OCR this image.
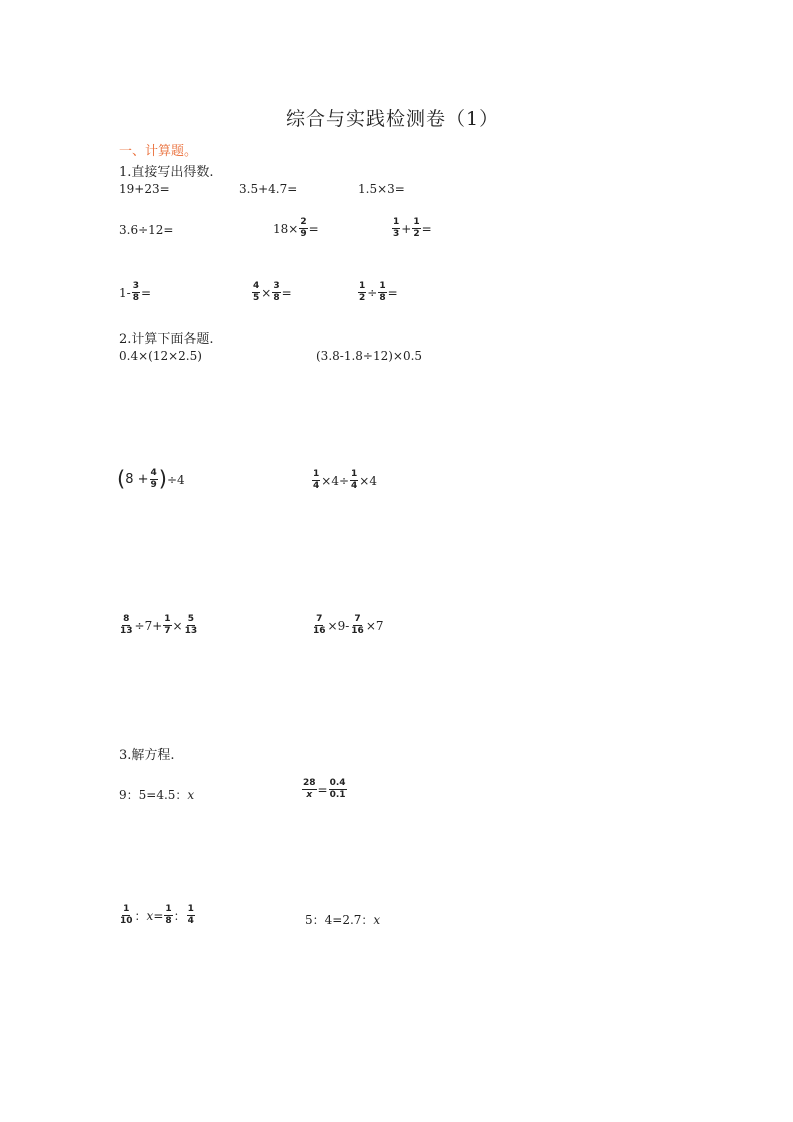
综合与实践检测卷（1）
一、计算题。
1.直接写出得数.
19+23=	3.5+4.7=	1.5×3=
3.6÷12=	$18\times \frac{2}{9}$ =	$\frac{1}{3} + \frac{1}{2}$ =
$1- \frac{3}{8}$ =	$\frac{4}{5} \times \frac{3}{8}$ =	$\frac{1}{2} \div \frac{1}{8}$ =
2.计算下面各题.
0.4×(12×2.5)	(3.8-1.8÷12)×0.5
( $8 + \frac{4}{9}$ ) ÷4	$\frac{1}{4} \times 4\div \frac{1}{4} \times 4$
$\frac{8}{13} \div 7+ \frac{1}{7} \times \frac{5}{13}$	$\frac{7}{16} \times 9- \frac{7}{16} \times 7$
3.解方程.
9：5=4.5： x	$\frac{28}{x} = \frac{0.4}{0.1}$
$\frac{1}{10}$ ： $x = \frac{1}{8}$ ： $\frac{1}{4}$	5：4=2.7： x
